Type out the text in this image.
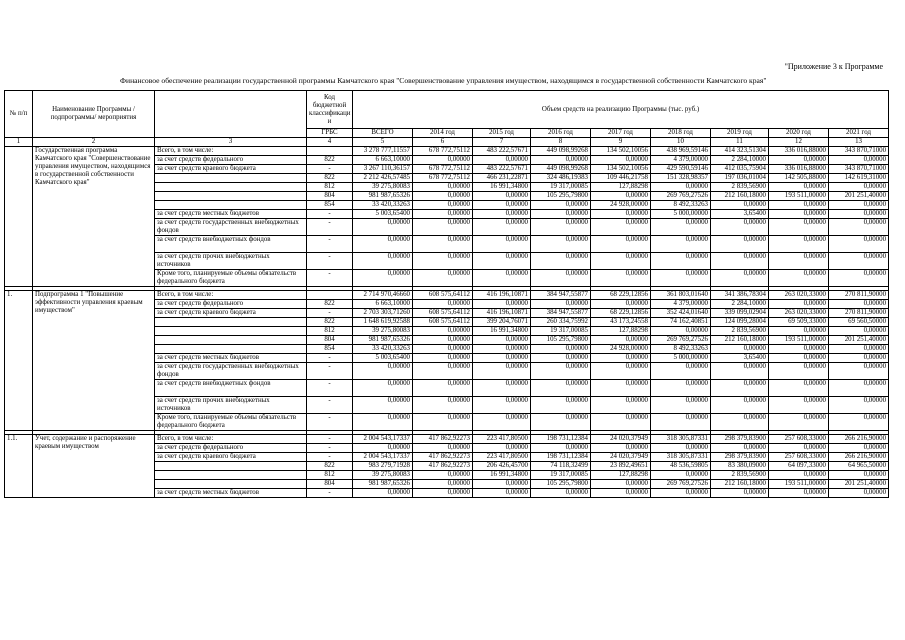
"Приложение 3 к Программе
Финансовое обеспечение реализации государственной программы Камчатского края "Совершенствование управления имуществом, находящимся в государственной собственности Камчатского края"
№ п/п	Наименование Программы /подпрограммы/ мероприятия		Код бюджетной классификаци и	Объем средств на реализацию Программы (тыс. руб.)								
			ГРБС	ВСЕГО	2014 год	2015 год	2016 год	2017 год	2018 год	2019 год	2020 год	2021 год
1	2	3	4	5	6	7	8	9	10	11	12	13
	Государственная программа Камчатского края "Совершенствование управления имуществом, находящимся в государственной собственности Камчатского края"	Всего, в том числе:		3 278 777,11557	678 772,75112	483 222,57671	449 098,99268	134 502,10056	438 969,59146	414 323,51304	336 016,88000	343 870,71000
		за счет средств федерального	822	6 663,10000	0,00000	0,00000	0,00000	0,00000	4 379,00000	2 284,10000	0,00000	0,00000
		за счет средств краевого бюджета	-	3 267 110,36157	678 772,75112	483 222,57671	449 098,99268	134 502,10056	429 590,59146	412 035,75904	336 016,88000	343 870,71000
			822	2 212 426,57485	678 772,75112	466 231,22871	324 486,19383	109 446,21758	151 328,98357	197 036,01004	142 505,88000	142 619,31000
			812	39 275,80083	0,00000	16 991,34800	19 317,00085	127,88298	0,00000	2 839,56900	0,00000	0,00000
			804	981 987,65326	0,00000	0,00000	105 295,79800	0,00000	269 769,27526	212 160,18000	193 511,00000	201 251,40000
			854	33 420,33263	0,00000	0,00000	0,00000	24 928,00000	8 492,33263	0,00000	0,00000	0,00000
		за счет средств местных бюджетов	-	5 003,65400	0,00000	0,00000	0,00000	0,00000	5 000,00000	3,65400	0,00000	0,00000
		за счет средств государственных внебюджетных фондов	-	0,00000	0,00000	0,00000	0,00000	0,00000	0,00000	0,00000	0,00000	0,00000
		за счет средств внебюджетных фондов	-	0,00000	0,00000	0,00000	0,00000	0,00000	0,00000	0,00000	0,00000	0,00000
		за счет средств прочих внебюджетных источников	-	0,00000	0,00000	0,00000	0,00000	0,00000	0,00000	0,00000	0,00000	0,00000
		Кроме того, планируемые объемы обязательств федерального бюджета	-	0,00000	0,00000	0,00000	0,00000	0,00000	0,00000	0,00000	0,00000	0,00000

1.	Подпрограмма 1 "Повышение эффективности управления краевым имуществом"	Всего, в том числе:		2 714 970,46660	608 575,64112	416 196,10871	384 947,55877	68 229,12856	361 803,01640	341 386,78304	263 020,33000	270 811,90000
		за счет средств федерального	822	6 663,10000	0,00000	0,00000	0,00000	0,00000	4 379,00000	2 284,10000	0,00000	0,00000
		за счет средств краевого бюджета	-	2 703 303,71260	608 575,64112	416 196,10871	384 947,55877	68 229,12856	352 424,01640	339 099,02904	263 020,33000	270 811,90000
			822	1 648 619,92588	608 575,64112	399 204,76071	260 334,75992	43 173,24558	74 162,40851	124 099,28004	69 509,33000	69 560,50000
			812	39 275,80083	0,00000	16 991,34800	19 317,00085	127,88298	0,00000	2 839,56900	0,00000	0,00000
			804	981 987,65326	0,00000	0,00000	105 295,79800	0,00000	269 769,27526	212 160,18000	193 511,00000	201 251,40000
			854	33 420,33263	0,00000	0,00000	0,00000	24 928,00000	8 492,33263	0,00000	0,00000	0,00000
		за счет средств местных бюджетов	-	5 003,65400	0,00000	0,00000	0,00000	0,00000	5 000,00000	3,65400	0,00000	0,00000
		за счет средств государственных внебюджетных фондов	-	0,00000	0,00000	0,00000	0,00000	0,00000	0,00000	0,00000	0,00000	0,00000
		за счет средств внебюджетных фондов	-	0,00000	0,00000	0,00000	0,00000	0,00000	0,00000	0,00000	0,00000	0,00000
		за счет средств прочих внебюджетных источников	-	0,00000	0,00000	0,00000	0,00000	0,00000	0,00000	0,00000	0,00000	0,00000
		Кроме того, планируемые объемы обязательств федерального бюджета	-	0,00000	0,00000	0,00000	0,00000	0,00000	0,00000	0,00000	0,00000	0,00000

1.1.	Учет, содержание и распоряжение краевым имуществом	Всего, в том числе:	-	2 004 543,17337	417 862,92273	223 417,80500	198 731,12384	24 020,37949	318 305,87331	298 379,83900	257 608,33000	266 216,90000
		за счет средств федерального	-	0,00000	0,00000	0,00000	0,00000	0,00000	0,00000	0,00000	0,00000	0,00000
		за счет средств краевого бюджета	-	2 004 543,17337	417 862,92273	223 417,80500	198 731,12384	24 020,37949	318 305,87331	298 379,83900	257 608,33000	266 216,90000
			822	983 279,71928	417 862,92273	206 426,45700	74 118,32499	23 892,49651	48 536,59805	83 380,09000	64 097,33000	64 965,50000
			812	39 275,80083	0,00000	16 991,34800	19 317,00085	127,88298	0,00000	2 839,56900	0,00000	0,00000
			804	981 987,65326	0,00000	0,00000	105 295,79800	0,00000	269 769,27526	212 160,18000	193 511,00000	201 251,40000
		за счет средств местных бюджетов	-	0,00000	0,00000	0,00000	0,00000	0,00000	0,00000	0,00000	0,00000	0,00000
